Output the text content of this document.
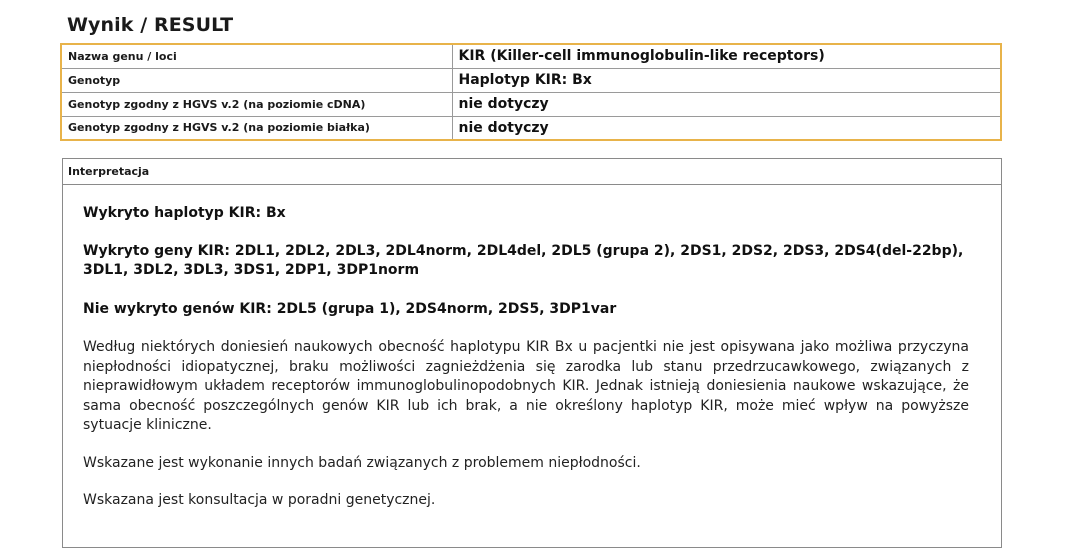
Wynik / RESULT
Nazwa genu / loci	KIR (Killer-cell immunoglobulin-like receptors)
Genotyp	Haplotyp KIR: Bx
Genotyp zgodny z HGVS v.2 (na poziomie cDNA)	nie dotyczy
Genotyp zgodny z HGVS v.2 (na poziomie białka)	nie dotyczy
Interpretacja

Wykryto haplotyp KIR: Bx

Wykryto geny KIR: 2DL1, 2DL2, 2DL3, 2DL4norm, 2DL4del, 2DL5 (grupa 2), 2DS1, 2DS2, 2DS3, 2DS4(del-22bp), 3DL1, 3DL2, 3DL3, 3DS1, 2DP1, 3DP1norm

Nie wykryto genów KIR: 2DL5 (grupa 1), 2DS4norm, 2DS5, 3DP1var

Według niektórych doniesień naukowych obecność haplotypu KIR Bx u pacjentki nie jest opisywana jako możliwa przyczyna niepłodności idiopatycznej, braku możliwości zagnieżdżenia się zarodka lub stanu przedrzucawkowego, związanych z nieprawidłowym układem receptorów immunoglobulinopodobnych KIR. Jednak istnieją doniesienia naukowe wskazujące, że sama obecność poszczególnych genów KIR lub ich brak, a nie określony haplotyp KIR, może mieć wpływ na powyższe sytuacje kliniczne.

Wskazane jest wykonanie innych badań związanych z problemem niepłodności.

Wskazana jest konsultacja w poradni genetycznej.
